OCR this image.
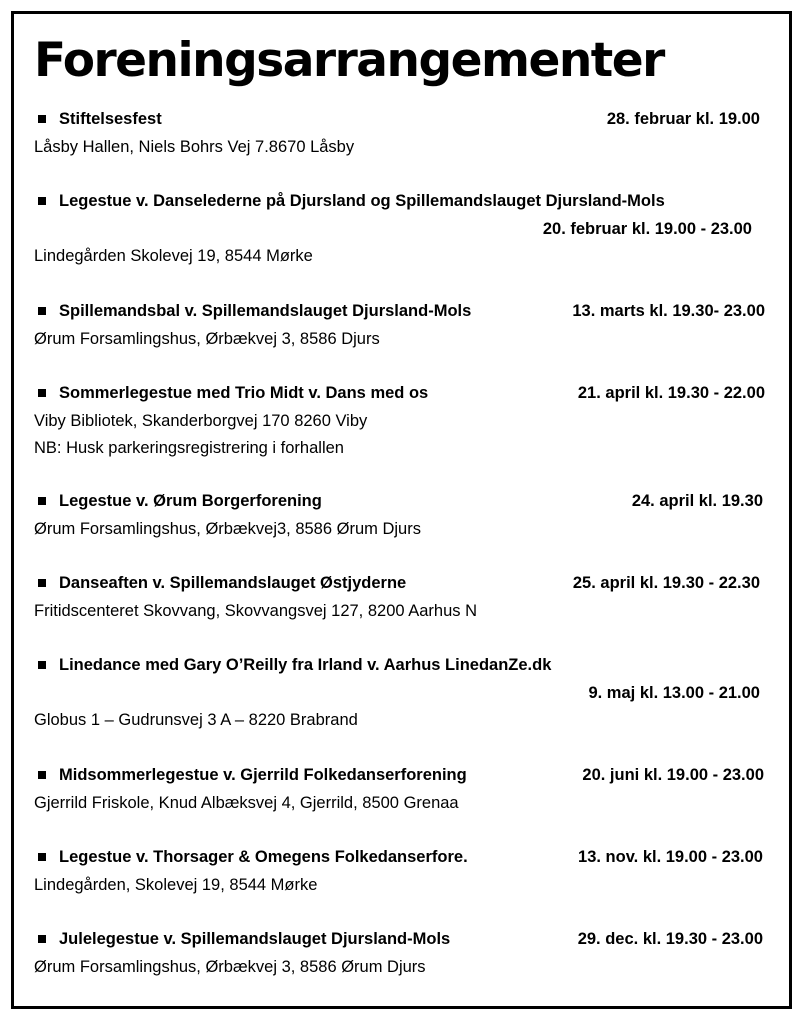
Foreningsarrangementer
Stiftelsesfest	28. februar kl. 19.00
Låsby Hallen, Niels Bohrs Vej 7.8670 Låsby
Legestue v. Danselederne på Djursland og Spillemandslauget Djursland-Mols
20. februar kl. 19.00 - 23.00
Lindegården Skolevej 19, 8544 Mørke
Spillemandsbal v. Spillemandslauget Djursland-Mols	13. marts kl. 19.30- 23.00
Ørum Forsamlingshus, Ørbækvej 3, 8586 Djurs
Sommerlegestue med Trio Midt v. Dans med os	21. april kl. 19.30 - 22.00
Viby Bibliotek, Skanderborgvej 170 8260 Viby
NB: Husk parkeringsregistrering i forhallen
Legestue v. Ørum Borgerforening	24. april kl. 19.30
Ørum Forsamlingshus, Ørbækvej3, 8586 Ørum Djurs
Danseaften v. Spillemandslauget Østjyderne	25. april kl. 19.30 - 22.30
Fritidscenteret Skovvang, Skovvangsvej 127, 8200 Aarhus N
Linedance med Gary O’Reilly fra Irland v. Aarhus LinedanZe.dk
9. maj kl. 13.00 - 21.00
Globus 1 – Gudrunsvej 3 A – 8220 Brabrand
Midsommerlegestue v. Gjerrild Folkedanserforening	20. juni kl. 19.00 - 23.00
Gjerrild Friskole, Knud Albæksvej 4, Gjerrild, 8500 Grenaa
Legestue v. Thorsager & Omegens Folkedanserfore.	13. nov. kl. 19.00 - 23.00
Lindegården, Skolevej 19, 8544 Mørke
Julelegestue v. Spillemandslauget Djursland-Mols	29. dec. kl. 19.30 - 23.00
Ørum Forsamlingshus, Ørbækvej 3, 8586 Ørum Djurs
